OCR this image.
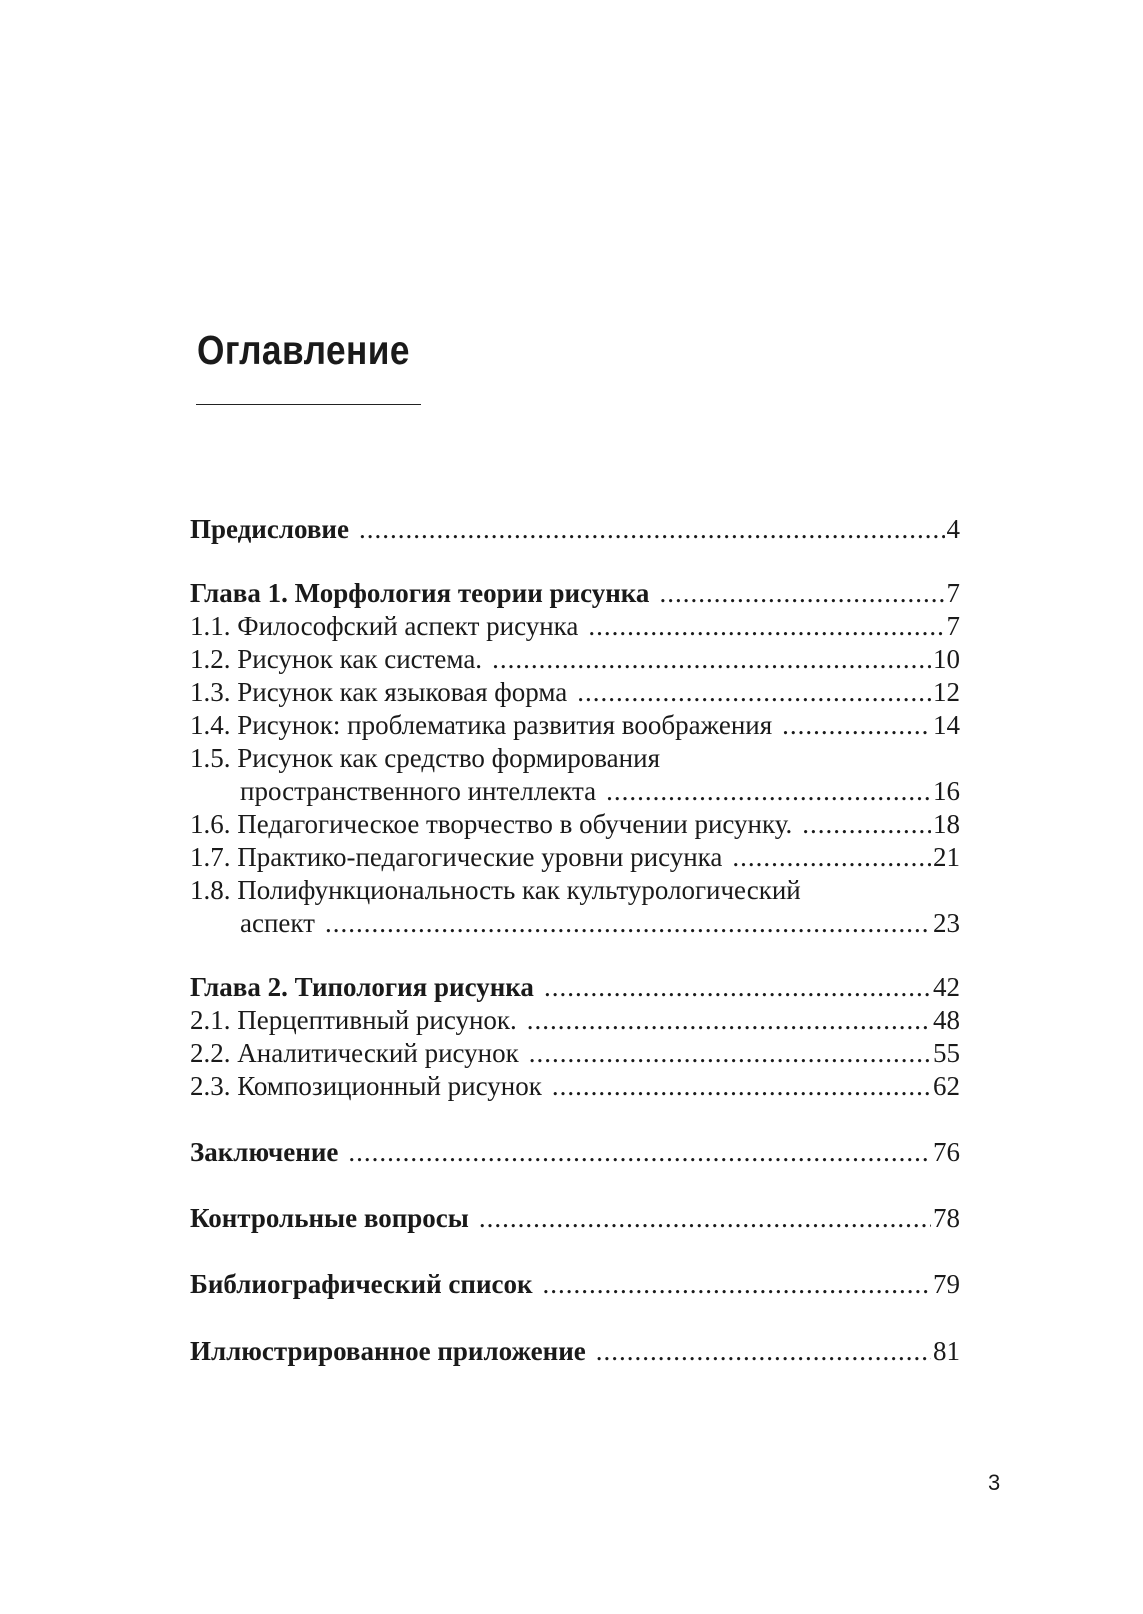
Оглавление
Предисловие .....	4
Глава 1. Морфология теории рисунка .....	7
1.1. Философский аспект рисунка .....	7
1.2. Рисунок как система. .....	10
1.3. Рисунок как языковая форма .....	12
1.4. Рисунок: проблематика развития воображения .....	14
1.5. Рисунок как средство формирования
пространственного интеллекта .....	16
1.6. Педагогическое творчество в обучении рисунку. .....	18
1.7. Практико-педагогические уровни рисунка .....	21
1.8. Полифункциональность как культурологический
аспект .....	23
Глава 2. Типология рисунка .....	42
2.1. Перцептивный рисунок. .....	48
2.2. Аналитический рисунок .....	55
2.3. Композиционный рисунок .....	62
Заключение .....	76
Контрольные вопросы .....	78
Библиографический список .....	79
Иллюстрированное приложение .....	81
3
